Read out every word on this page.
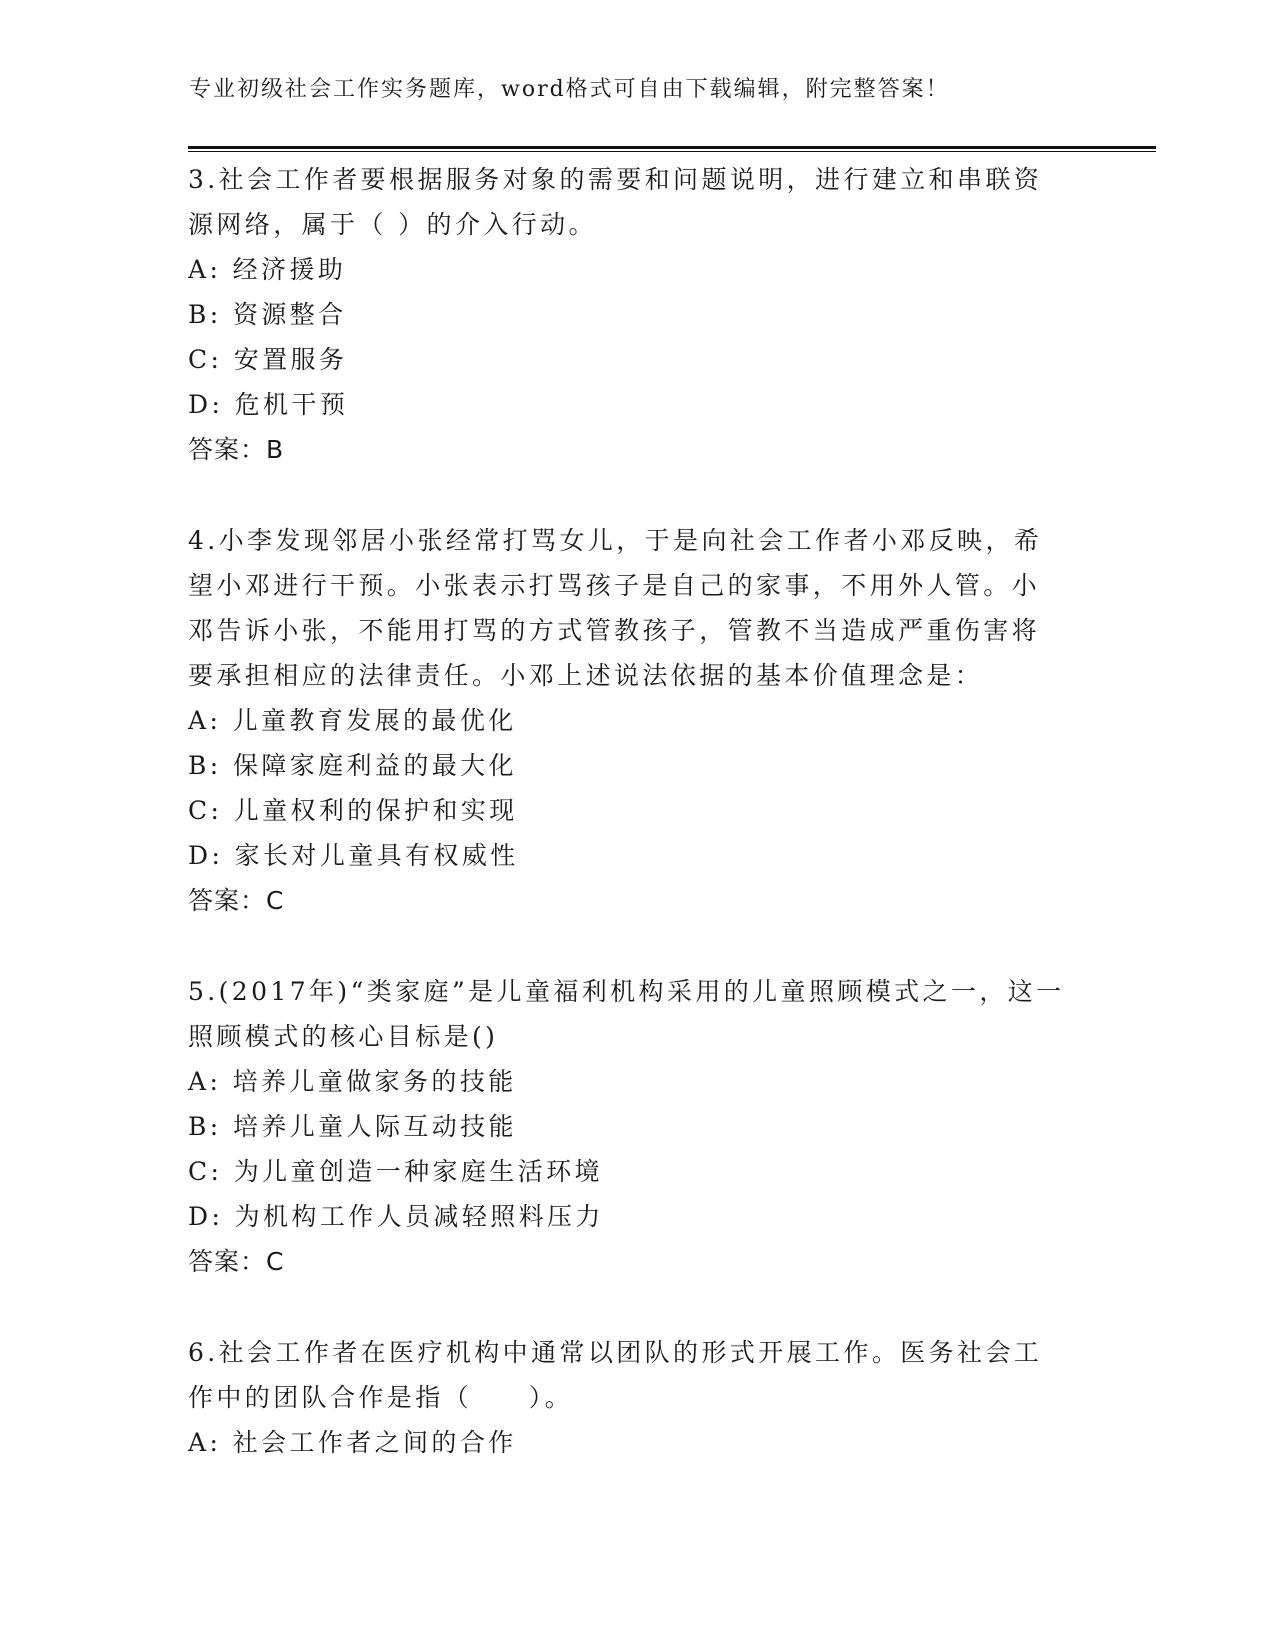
专业初级社会工作实务题库，word格式可自由下载编辑，附完整答案！

3.社会工作者要根据服务对象的需要和问题说明，进行建立和串联资源网络，属于（ ）的介入行动。

A: 经济援助

B: 资源整合

C: 安置服务

D: 危机干预

答案：B

4.小李发现邻居小张经常打骂女儿，于是向社会工作者小邓反映，希望小邓进行干预。小张表示打骂孩子是自己的家事，不用外人管。小邓告诉小张，不能用打骂的方式管教孩子，管教不当造成严重伤害将要承担相应的法律责任。小邓上述说法依据的基本价值理念是：

A: 儿童教育发展的最优化

B: 保障家庭利益的最大化

C: 儿童权利的保护和实现

D: 家长对儿童具有权威性

答案：C

5.(2017年)“类家庭”是儿童福利机构采用的儿童照顾模式之一，这一照顾模式的核心目标是()

A: 培养儿童做家务的技能

B: 培养儿童人际互动技能

C: 为儿童创造一种家庭生活环境

D: 为机构工作人员减轻照料压力

答案：C

6.社会工作者在医疗机构中通常以团队的形式开展工作。医务社会工作中的团队合作是指（　　）。

A: 社会工作者之间的合作
